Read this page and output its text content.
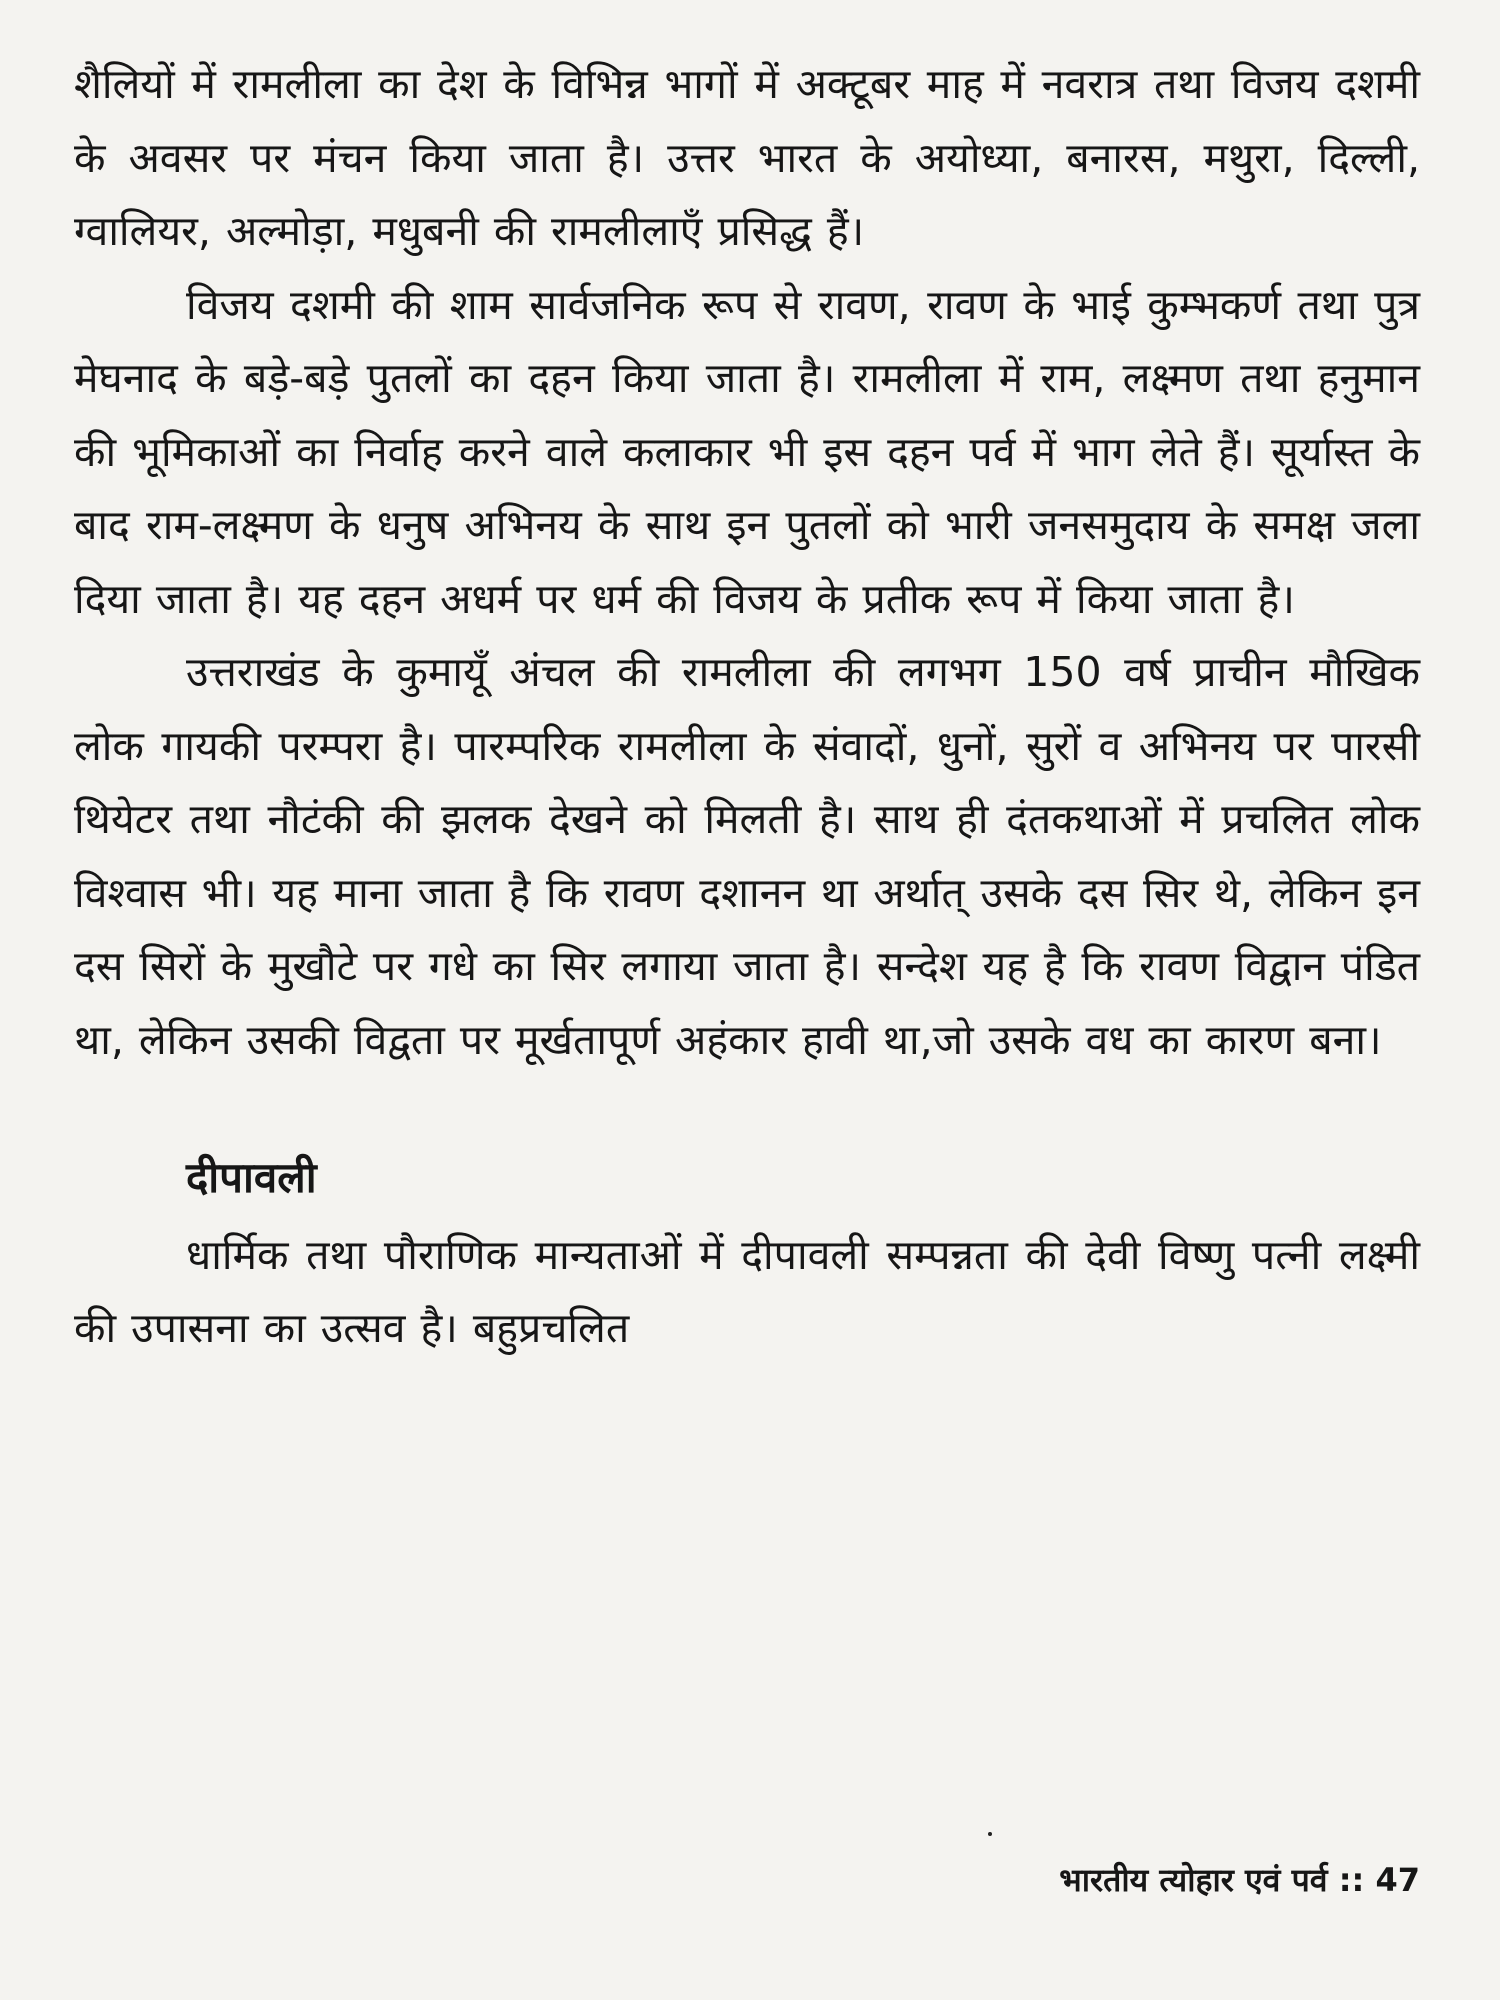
शैलियों में रामलीला का देश के विभिन्न भागों में अक्टूबर माह में नवरात्र तथा विजय दशमी के अवसर पर मंचन किया जाता है। उत्तर भारत के अयोध्या, बनारस, मथुरा, दिल्ली, ग्वालियर, अल्मोड़ा, मधुबनी की रामलीलाएँ प्रसिद्ध हैं।

विजय दशमी की शाम सार्वजनिक रूप से रावण, रावण के भाई कुम्भकर्ण तथा पुत्र मेघनाद के बड़े-बड़े पुतलों का दहन किया जाता है। रामलीला में राम, लक्ष्मण तथा हनुमान की भूमिकाओं का निर्वाह करने वाले कलाकार भी इस दहन पर्व में भाग लेते हैं। सूर्यास्त के बाद राम-लक्ष्मण के धनुष अभिनय के साथ इन पुतलों को भारी जनसमुदाय के समक्ष जला दिया जाता है। यह दहन अधर्म पर धर्म की विजय के प्रतीक रूप में किया जाता है।

उत्तराखंड के कुमायूँ अंचल की रामलीला की लगभग 150 वर्ष प्राचीन मौखिक लोक गायकी परम्परा है। पारम्परिक रामलीला के संवादों, धुनों, सुरों व अभिनय पर पारसी थियेटर तथा नौटंकी की झलक देखने को मिलती है। साथ ही दंतकथाओं में प्रचलित लोक विश्वास भी। यह माना जाता है कि रावण दशानन था अर्थात् उसके दस सिर थे, लेकिन इन दस सिरों के मुखौटे पर गधे का सिर लगाया जाता है। सन्देश यह है कि रावण विद्वान पंडित था, लेकिन उसकी विद्वता पर मूर्खतापूर्ण अहंकार हावी था,जो उसके वध का कारण बना।

दीपावली

धार्मिक तथा पौराणिक मान्यताओं में दीपावली सम्पन्नता की देवी विष्णु पत्नी लक्ष्मी की उपासना का उत्सव है। बहुप्रचलित

भारतीय त्योहार एवं पर्व :: 47
